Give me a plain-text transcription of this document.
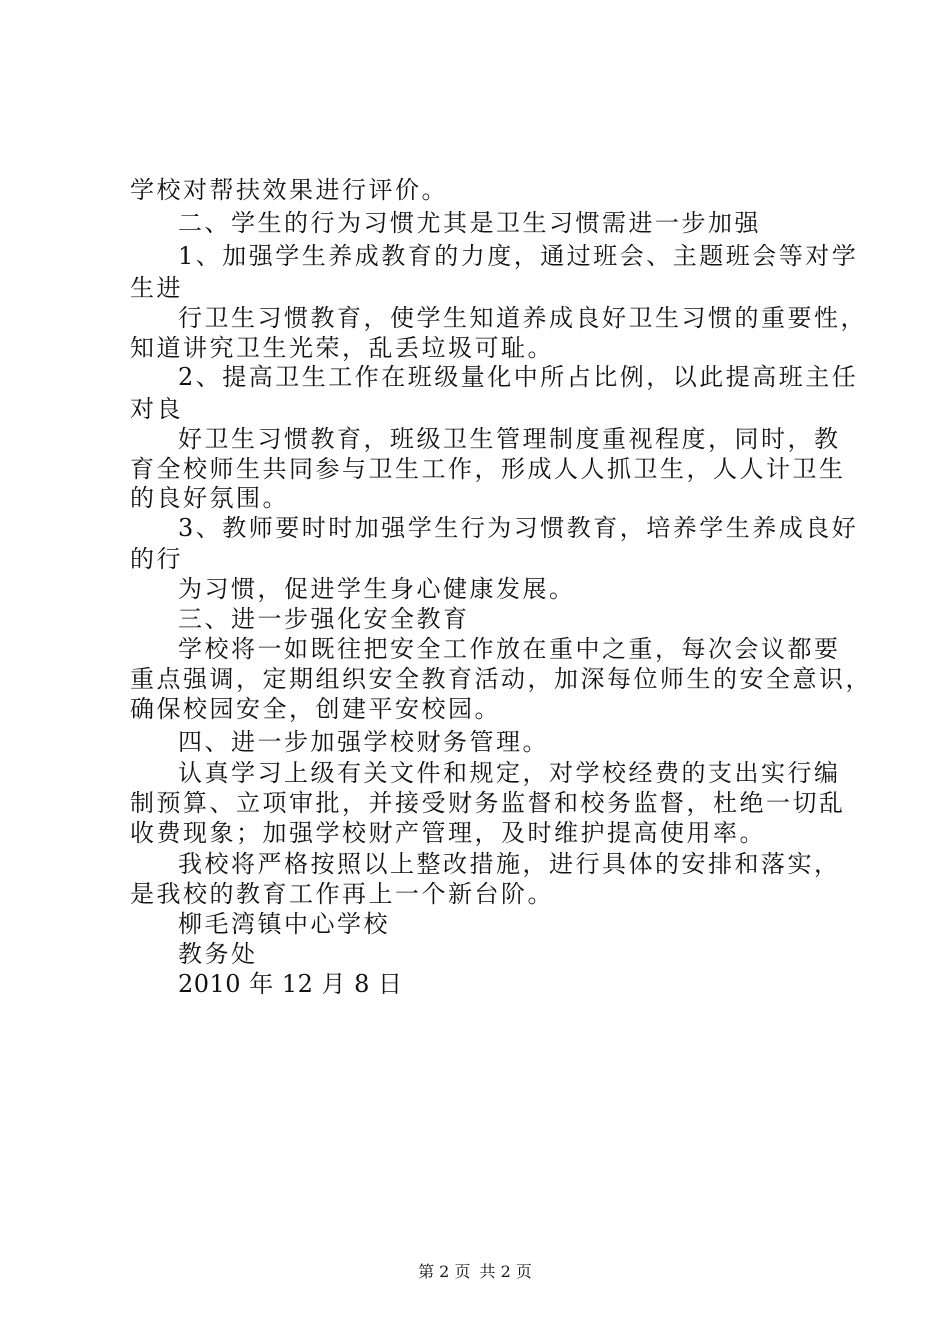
学校对帮扶效果进行评价。
二、学生的行为习惯尤其是卫生习惯需进一步加强
1、加强学生养成教育的力度，通过班会、主题班会等对学
生进
行卫生习惯教育，使学生知道养成良好卫生习惯的重要性，
知道讲究卫生光荣，乱丢垃圾可耻。
2、提高卫生工作在班级量化中所占比例，以此提高班主任
对良
好卫生习惯教育，班级卫生管理制度重视程度，同时，教
育全校师生共同参与卫生工作，形成人人抓卫生，人人计卫生
的良好氛围。
3、教师要时时加强学生行为习惯教育，培养学生养成良好
的行
为习惯，促进学生身心健康发展。
三、进一步强化安全教育
学校将一如既往把安全工作放在重中之重，每次会议都要
重点强调，定期组织安全教育活动，加深每位师生的安全意识，
确保校园安全，创建平安校园。
四、进一步加强学校财务管理。
认真学习上级有关文件和规定，对学校经费的支出实行编
制预算、立项审批，并接受财务监督和校务监督，杜绝一切乱
收费现象；加强学校财产管理，及时维护提高使用率。
我校将严格按照以上整改措施，进行具体的安排和落实，
是我校的教育工作再上一个新台阶。
柳毛湾镇中心学校
教务处
2010 年 12 月 8 日
第 2 页 共 2 页
